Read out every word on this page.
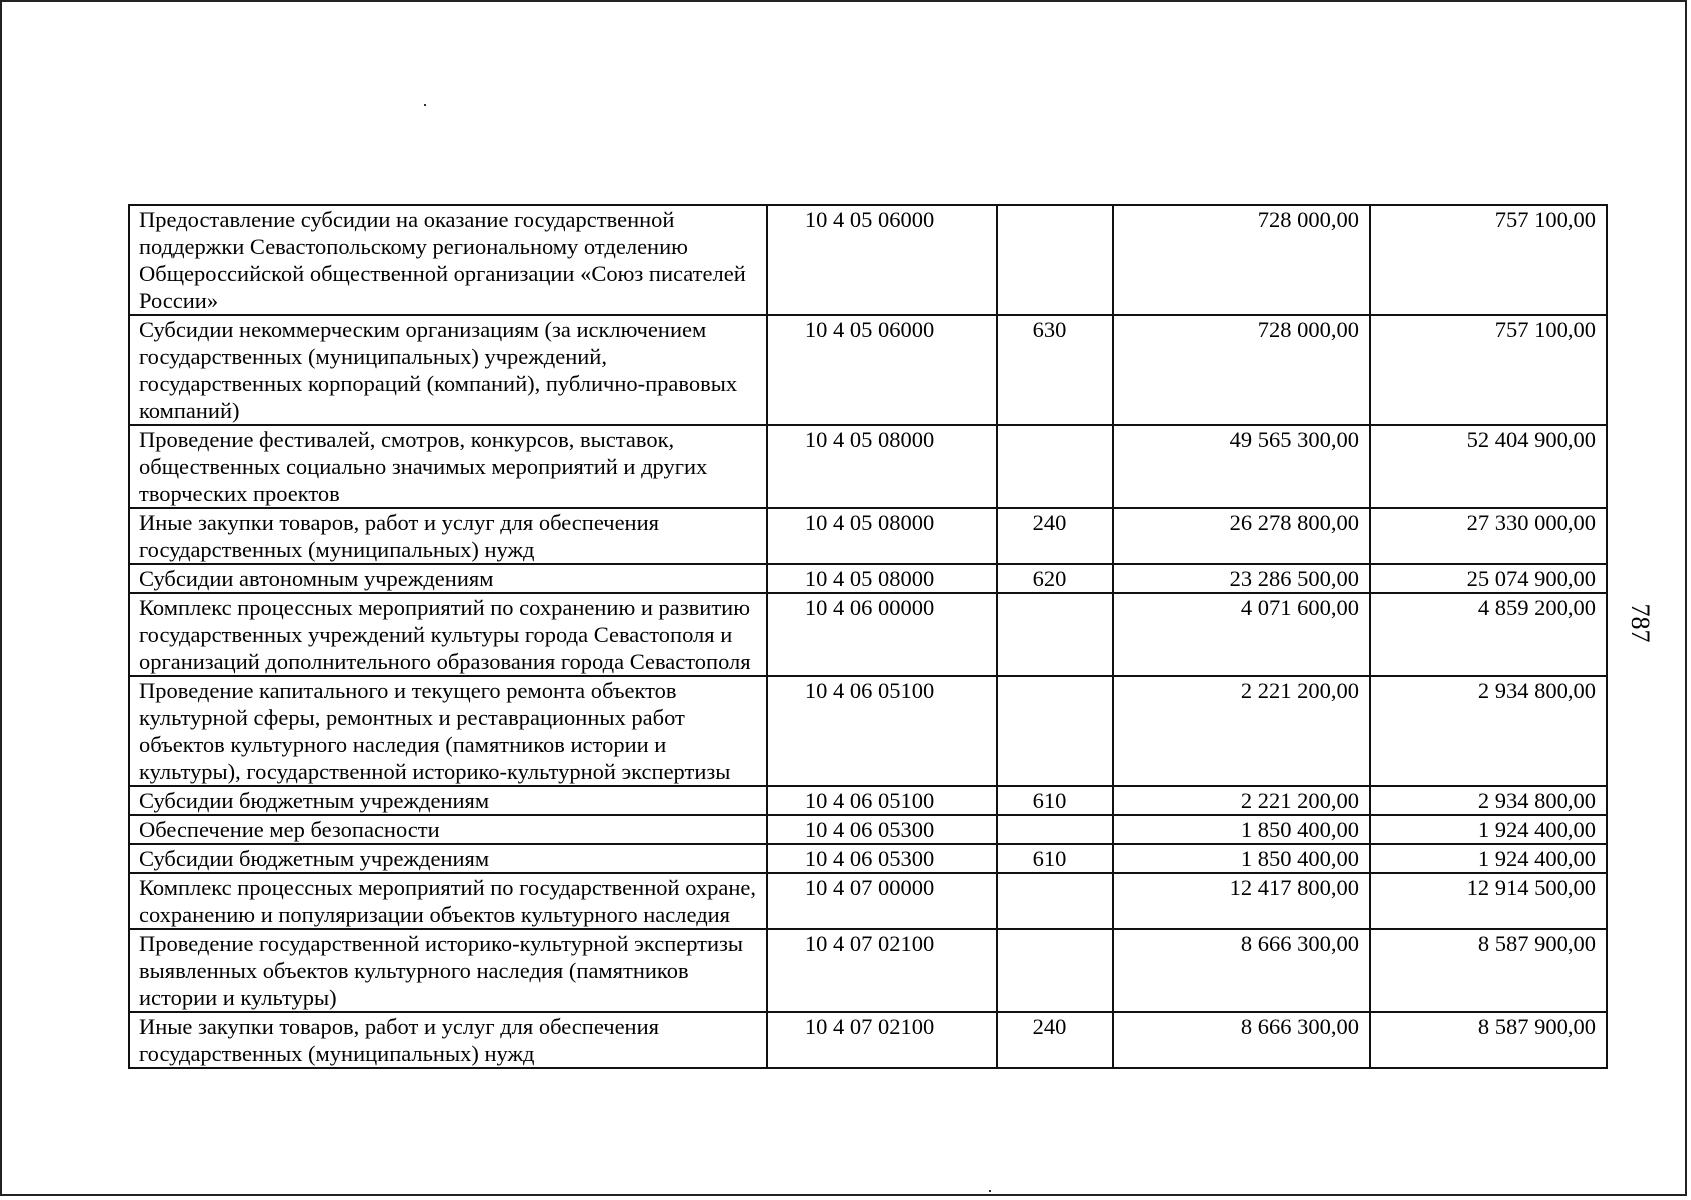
Предоставление субсидии на оказание государственной поддержки Севастопольскому региональному отделению Общероссийской общественной организации «Союз писателей России»	10 4 05 06000		728 000,00	757 100,00
Субсидии некоммерческим организациям (за исключением государственных (муниципальных) учреждений, государственных корпораций (компаний), публично-правовых компаний)	10 4 05 06000	630	728 000,00	757 100,00
Проведение фестивалей, смотров, конкурсов, выставок, общественных социально значимых мероприятий и других творческих проектов	10 4 05 08000		49 565 300,00	52 404 900,00
Иные закупки товаров, работ и услуг для обеспечения государственных (муниципальных) нужд	10 4 05 08000	240	26 278 800,00	27 330 000,00
Субсидии автономным учреждениям	10 4 05 08000	620	23 286 500,00	25 074 900,00
Комплекс процессных мероприятий по сохранению и развитию государственных учреждений культуры города Севастополя и организаций дополнительного образования города Севастополя	10 4 06 00000		4 071 600,00	4 859 200,00
Проведение капитального и текущего ремонта объектов культурной сферы, ремонтных и реставрационных работ объектов культурного наследия (памятников истории и культуры), государственной историко-культурной экспертизы	10 4 06 05100		2 221 200,00	2 934 800,00
Субсидии бюджетным учреждениям	10 4 06 05100	610	2 221 200,00	2 934 800,00
Обеспечение мер безопасности	10 4 06 05300		1 850 400,00	1 924 400,00
Субсидии бюджетным учреждениям	10 4 06 05300	610	1 850 400,00	1 924 400,00
Комплекс процессных мероприятий по государственной охране, сохранению и популяризации объектов культурного наследия	10 4 07 00000		12 417 800,00	12 914 500,00
Проведение государственной историко-культурной экспертизы выявленных объектов культурного наследия (памятников истории и культуры)	10 4 07 02100		8 666 300,00	8 587 900,00
Иные закупки товаров, работ и услуг для обеспечения государственных (муниципальных) нужд	10 4 07 02100	240	8 666 300,00	8 587 900,00
787
